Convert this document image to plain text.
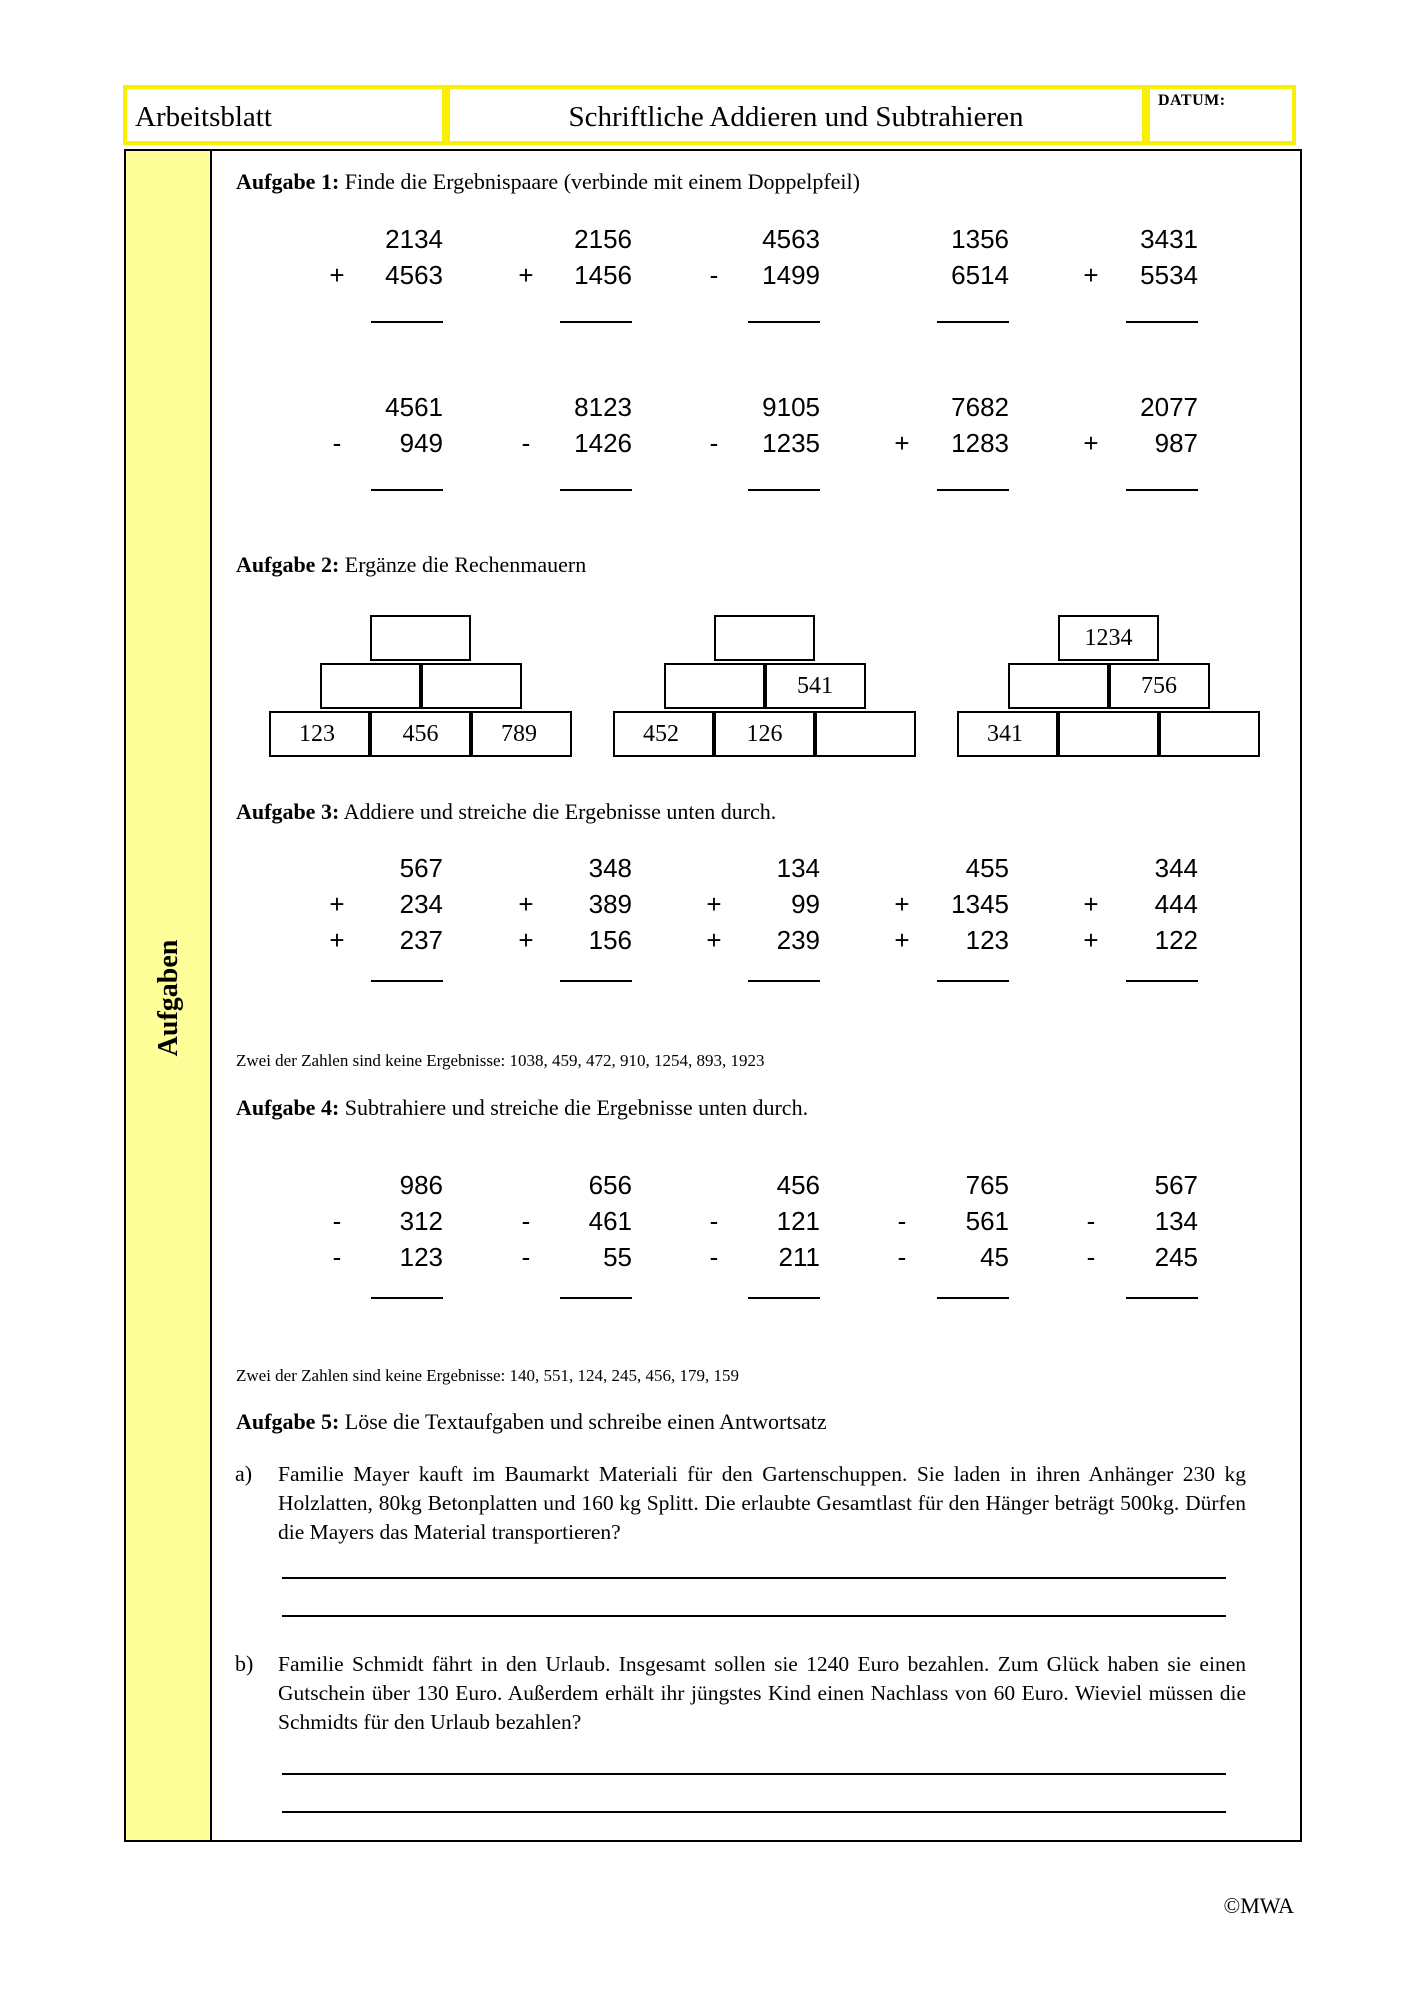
Arbeitsblatt	Schriftliche Addieren und Subtrahieren
DATUM:
Aufgaben
Aufgabe 1: Finde die Ergebnispaare (verbinde mit einem Doppelpfeil)
2134
+ 4563
2156
+ 1456
4563
- 1499
1356
6514
3431
+ 5534
4561
- 949
8123
- 1426
9105
- 1235
7682
+ 1283
2077
+ 987
Aufgabe 2: Ergänze die Rechenmauern
123	456	789	452	126
541
341
756
1234
Aufgabe 3: Addiere und streiche die Ergebnisse unten durch.
567
+ 234
+ 237
348
+ 389
+ 156
134
+	99
+ 239
455
+ 1345
+ 123
344
+ 444
+ 122
Zwei der Zahlen sind keine Ergebnisse: 1038, 459, 472, 910, 1254, 893, 1923
Aufgabe 4: Subtrahiere und streiche die Ergebnisse unten durch.
986
- 312
- 123
656
- 461
-	55
456
- 121
- 211
765
- 561
-	45
567
- 134
- 245
Zwei der Zahlen sind keine Ergebnisse: 140, 551, 124, 245, 456, 179, 159
Aufgabe 5: Löse die Textaufgaben und schreibe einen Antwortsatz
a) Familie Mayer kauft im Baumarkt Materiali für den Gartenschuppen. Sie laden in ihren Anhänger 230 kg Holzlatten, 80kg Betonplatten und 160 kg Splitt. Die erlaubte Gesamtlast für den Hänger beträgt 500kg. Dürfen die Mayers das Material transportieren?
b) Familie Schmidt fährt in den Urlaub. Insgesamt sollen sie 1240 Euro bezahlen. Zum Glück haben sie einen Gutschein über 130 Euro. Außerdem erhält ihr jüngstes Kind einen Nachlass von 60 Euro. Wieviel müssen die Schmidts für den Urlaub bezahlen?
©MWA
